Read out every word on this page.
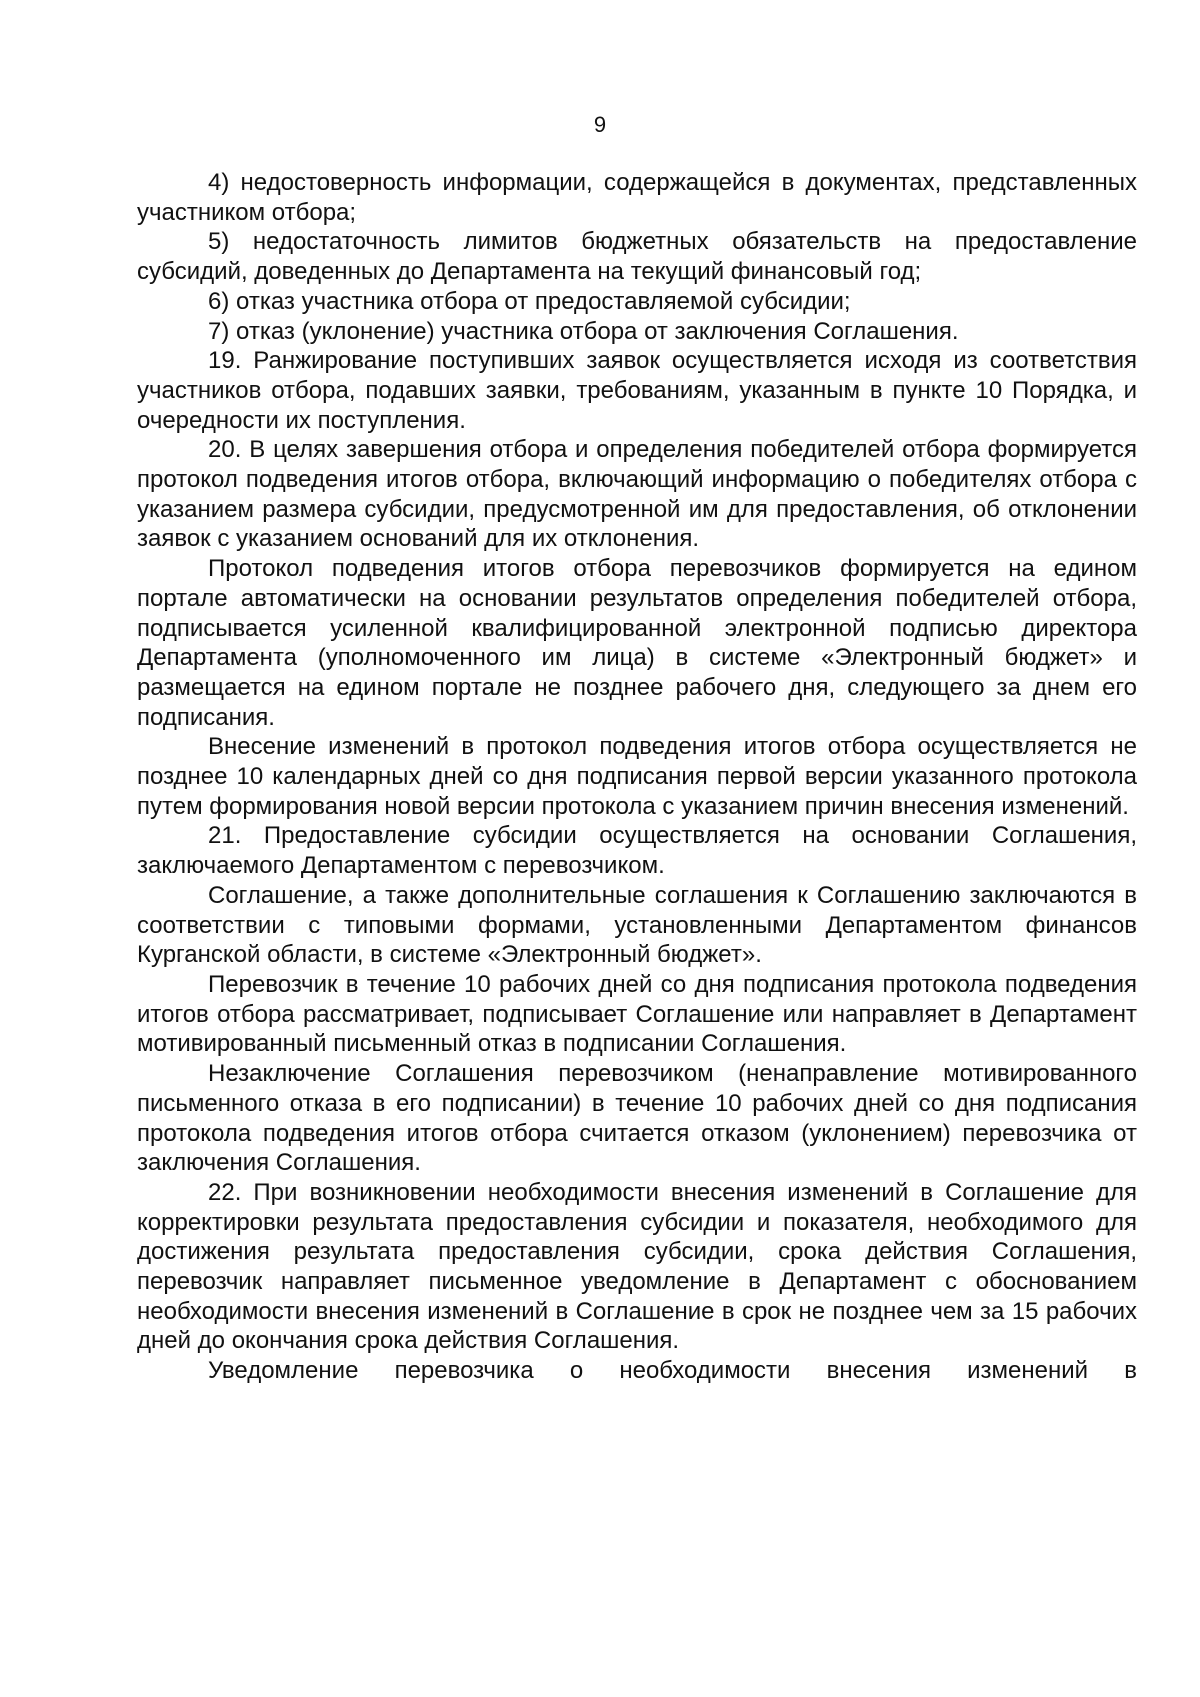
9

4) недостоверность информации, содержащейся в документах, представленных участником отбора;

5) недостаточность лимитов бюджетных обязательств на предоставление субсидий, доведенных до Департамента на текущий финансовый год;

6) отказ участника отбора от предоставляемой субсидии;

7) отказ (уклонение) участника отбора от заключения Соглашения.

19. Ранжирование поступивших заявок осуществляется исходя из соответствия участников отбора, подавших заявки, требованиям, указанным в пункте 10 Порядка, и очередности их поступления.

20. В целях завершения отбора и определения победителей отбора формируется протокол подведения итогов отбора, включающий информацию о победителях отбора с указанием размера субсидии, предусмотренной им для предоставления, об отклонении заявок с указанием оснований для их отклонения.

Протокол подведения итогов отбора перевозчиков формируется на едином портале автоматически на основании результатов определения победителей отбора, подписывается усиленной квалифицированной электронной подписью директора Департамента (уполномоченного им лица) в системе «Электронный бюджет» и размещается на едином портале не позднее рабочего дня, следующего за днем его подписания.

Внесение изменений в протокол подведения итогов отбора осуществляется не позднее 10 календарных дней со дня подписания первой версии указанного протокола путем формирования новой версии протокола с указанием причин внесения изменений.

21. Предоставление субсидии осуществляется на основании Соглашения, заключаемого Департаментом с перевозчиком.

Соглашение, а также дополнительные соглашения к Соглашению заключаются в соответствии с типовыми формами, установленными Департаментом финансов Курганской области, в системе «Электронный бюджет».

Перевозчик в течение 10 рабочих дней со дня подписания протокола подведения итогов отбора рассматривает, подписывает Соглашение или направляет в Департамент мотивированный письменный отказ в подписании Соглашения.

Незаключение Соглашения перевозчиком (ненаправление мотивированного письменного отказа в его подписании) в течение 10 рабочих дней со дня подписания протокола подведения итогов отбора считается отказом (уклонением) перевозчика от заключения Соглашения.

22. При возникновении необходимости внесения изменений в Соглашение для корректировки результата предоставления субсидии и показателя, необходимого для достижения результата предоставления субсидии, срока действия Соглашения, перевозчик направляет письменное уведомление в Департамент с обоснованием необходимости внесения изменений в Соглашение в срок не позднее чем за 15 рабочих дней до окончания срока действия Соглашения.

Уведомление перевозчика о необходимости внесения изменений в
